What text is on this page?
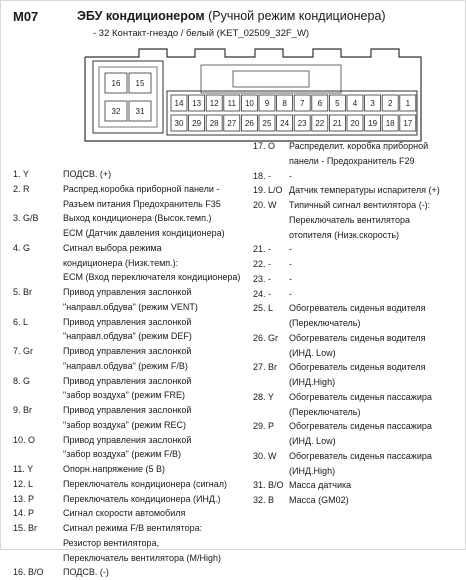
M07	ЭБУ кондиционером (Ручной режим кондиционера)
- 32 Контакт-гнездо / белый (KET_02509_32F_W)
16 15
32 31
14 13 12 11 10 9 8 7 6 5 4 3 2 1
30 29 28 27 26 25 24 23 22 21 20 19 18 17
1. Y	ПОДСВ. (+)
2. R	Распред.коробка приборной панели -
Разъем питания Предохранитель F35
3. G/B	Выход кондиционера (Высок.темп.)
ECM (Датчик давления кондиционера)
4. G	Сигнал выбора режима
кондиционера (Низк.темп.):
ECM (Вход переключателя кондиционера)
5. Br	Привод управления заслонкой
"направл.обдува" (режим VENT)
6. L	Привод управления заслонкой
"направл.обдува" (режим DEF)
7. Gr	Привод управления заслонкой
"направл.обдува" (режим F/B)
8. G	Привод управления заслонкой
"забор воздуха" (режим FRE)
9. Br	Привод управления заслонкой
"забор воздуха" (режим REC)
10. O	Привод управления заслонкой
"забор воздуха" (режим F/B)
11. Y	Опорн.напряжение (5 В)
12. L	Переключатель кондиционера (сигнал)
13. P	Переключатель кондиционера (ИНД.)
14. P	Сигнал скорости автомобиля
15. Br	Сигнал режима F/B вентилятора:
Резистор вентилятора,
Переключатель вентилятора (M/High)
16. B/O ПОДСВ. (-)
17. O Распределит. коробка приборной
панели - Предохранитель F29
18. - -
19. L/O Датчик температуры испарителя (+)
20. W Типичный сигнал вентилятора (-):
Переключатель вентилятора
отопителя (Низк.скорость)
21. - -
22. - -
23. - -
24. - -
25. L Обогреватель сиденья водителя
(Переключатель)
26. Gr Обогреватель сиденья водителя
(ИНД. Low)
27. Br Обогреватель сиденья водителя
(ИНД.High)
28. Y Обогреватель сиденья пассажира
(Переключатель)
29. P Обогреватель сиденья пассажира
(ИНД. Low)
30. W Обогреватель сиденья пассажира
(ИНД.High)
31. B/O Масса датчика
32. B Масса (GM02)
